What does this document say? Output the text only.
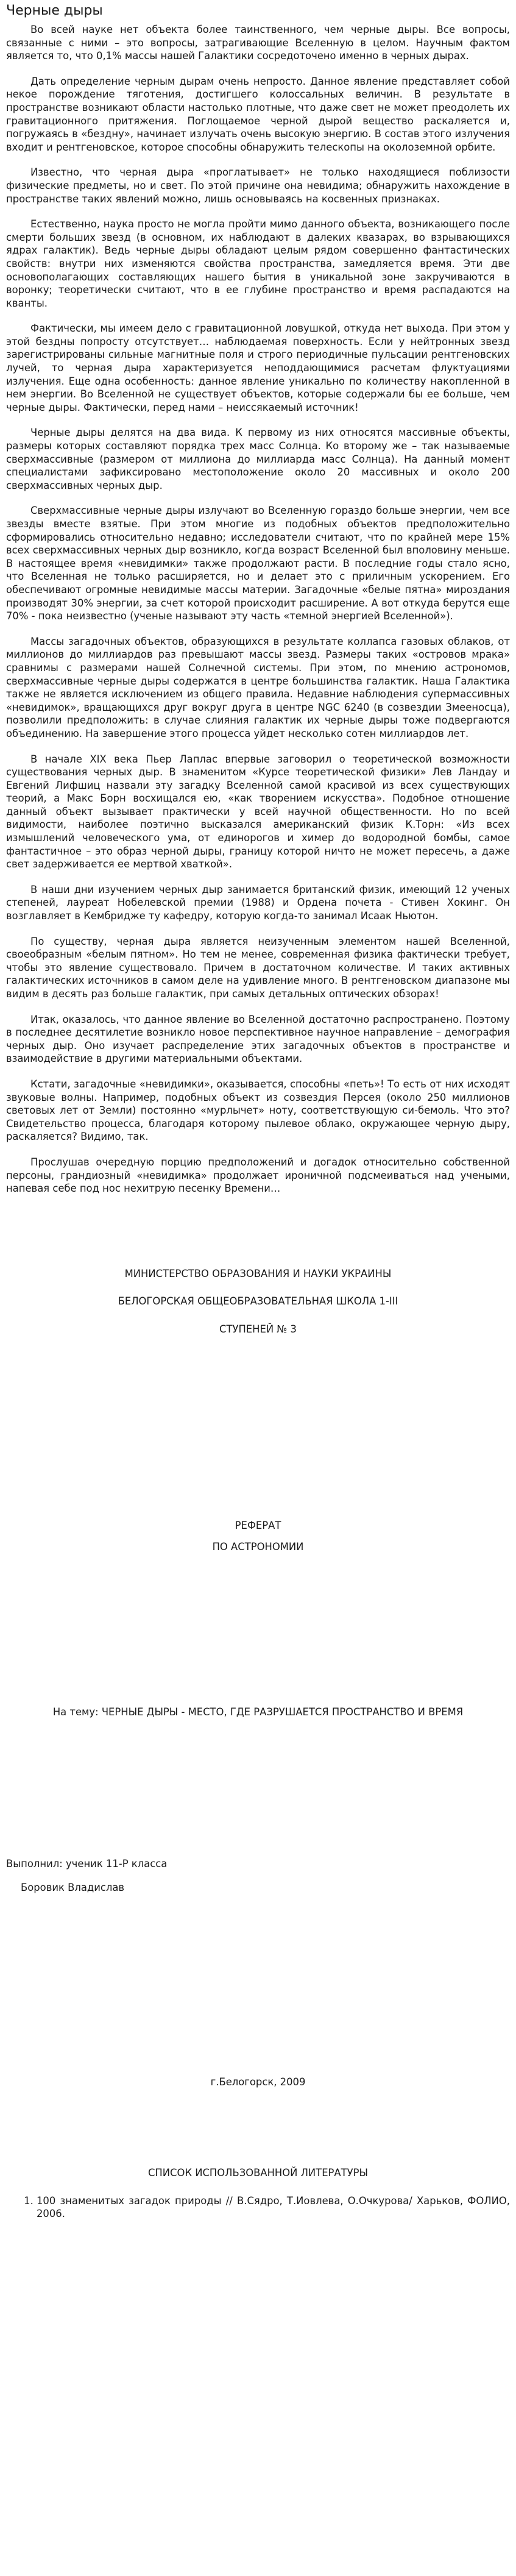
Черные дыры

Во всей науке нет объекта более таинственного, чем черные дыры. Все вопросы, связанные с ними – это вопросы, затрагивающие Вселенную в целом. Научным фактом является то, что 0,1% массы нашей Галактики сосредоточено именно в черных дырах.

Дать определение черным дырам очень непросто. Данное явление представляет собой некое порождение тяготения, достигшего колоссальных величин. В результате в пространстве возникают области настолько плотные, что даже свет не может преодолеть их гравитационного притяжения. Поглощаемое черной дырой вещество раскаляется и, погружаясь в «бездну», начинает излучать очень высокую энергию. В состав этого излучения входит и рентгеновское, которое способны обнаружить телескопы на околоземной орбите.

Известно, что черная дыра «проглатывает» не только находящиеся поблизости физические предметы, но и свет. По этой причине она невидима; обнаружить нахождение в пространстве таких явлений можно, лишь основываясь на косвенных признаках.

Естественно, наука просто не могла пройти мимо данного объекта, возникающего после смерти больших звезд (в основном, их наблюдают в далеких квазарах, во взрывающихся ядрах галактик). Ведь черные дыры обладают целым рядом совершенно фантастических свойств: внутри них изменяются свойства пространства, замедляется время. Эти две основополагающих составляющих нашего бытия в уникальной зоне закручиваются в воронку; теоретически считают, что в ее глубине пространство и время распадаются на кванты.

Фактически, мы имеем дело с гравитационной ловушкой, откуда нет выхода. При этом у этой бездны попросту отсутствует… наблюдаемая поверхность. Если у нейтронных звезд зарегистрированы сильные магнитные поля и строго периодичные пульсации рентгеновских лучей, то черная дыра характеризуется неподдающимися расчетам флуктуациями излучения. Еще одна особенность: данное явление уникально по количеству накопленной в нем энергии. Во Вселенной не существует объектов, которые содержали бы ее больше, чем черные дыры. Фактически, перед нами – неиссякаемый источник!

Черные дыры делятся на два вида. К первому из них относятся массивные объекты, размеры которых составляют порядка трех масс Солнца. Ко второму же – так называемые сверхмассивные (размером от миллиона до миллиарда масс Солнца). На данный момент специалистами зафиксировано местоположение около 20 массивных и около 200 сверхмассивных черных дыр.

Сверхмассивные черные дыры излучают во Вселенную гораздо больше энергии, чем все звезды вместе взятые. При этом многие из подобных объектов предположительно сформировались относительно недавно; исследователи считают, что по крайней мере 15% всех сверхмассивных черных дыр возникло, когда возраст Вселенной был вполовину меньше. В настоящее время «невидимки» также продолжают расти. В последние годы стало ясно, что Вселенная не только расширяется, но и делает это с приличным ускорением. Его обеспечивают огромные невидимые массы материи. Загадочные «белые пятна» мироздания производят 30% энергии, за счет которой происходит расширение. А вот откуда берутся еще 70% - пока неизвестно (ученые называют эту часть «темной энергией Вселенной»).

Массы загадочных объектов, образующихся в результате коллапса газовых облаков, от миллионов до миллиардов раз превышают массы звезд. Размеры таких «островов мрака» сравнимы с размерами нашей Солнечной системы. При этом, по мнению астрономов, сверхмассивные черные дыры содержатся в центре большинства галактик. Наша Галактика также не является исключением из общего правила. Недавние наблюдения супермассивных «невидимок», вращающихся друг вокруг друга в центре NGC 6240 (в созвездии Змееносца), позволили предположить: в случае слияния галактик их черные дыры тоже подвергаются объединению. На завершение этого процесса уйдет несколько сотен миллиардов лет.

В начале XIX века Пьер Лаплас впервые заговорил о теоретической возможности существования черных дыр. В знаменитом «Курсе теоретической физики» Лев Ландау и Евгений Лифшиц назвали эту загадку Вселенной самой красивой из всех существующих теорий, а Макс Борн восхищался ею, «как творением искусства». Подобное отношение данный объект вызывает практически у всей научной общественности. Но по всей видимости, наиболее поэтично высказался американский физик К.Торн: «Из всех измышлений человеческого ума, от единорогов и химер до водородной бомбы, самое фантастичное – это образ черной дыры, границу которой ничто не может пересечь, а даже свет задерживается ее мертвой хваткой».

В наши дни изучением черных дыр занимается британский физик, имеющий 12 ученых степеней, лауреат Нобелевской премии (1988) и Ордена почета - Стивен Хокинг. Он возглавляет в Кембридже ту кафедру, которую когда-то занимал Исаак Ньютон.

По существу, черная дыра является неизученным элементом нашей Вселенной, своеобразным «белым пятном». Но тем не менее, современная физика фактически требует, чтобы это явление существовало. Причем в достаточном количестве. И таких активных галактических источников в самом деле на удивление много. В рентгеновском диапазоне мы видим в десять раз больше галактик, при самых детальных оптических обзорах!

Итак, оказалось, что данное явление во Вселенной достаточно распространено. Поэтому в последнее десятилетие возникло новое перспективное научное направление – демография черных дыр. Оно изучает распределение этих загадочных объектов в пространстве и взаимодействие в другими материальными объектами.

Кстати, загадочные «невидимки», оказывается, способны «петь»! То есть от них исходят звуковые волны. Например, подобных объект из созвездия Персея (около 250 миллионов световых лет от Земли) постоянно «мурлычет» ноту, соответствующую си-бемоль. Что это? Свидетельство процесса, благодаря которому пылевое облако, окружающее черную дыру, раскаляется? Видимо, так.

Прослушав очередную порцию предположений и догадок относительно собственной персоны, грандиозный «невидимка» продолжает ироничной подсмеиваться над учеными, напевая себе под нос нехитрую песенку Времени…

МИНИСТЕРСТВО ОБРАЗОВАНИЯ И НАУКИ УКРАИНЫ
БЕЛОГОРСКАЯ ОБЩЕОБРАЗОВАТЕЛЬНАЯ ШКОЛА 1-III
СТУПЕНЕЙ № 3
РЕФЕРАТ
ПО АСТРОНОМИИ
На тему: ЧЕРНЫЕ ДЫРЫ - МЕСТО, ГДЕ РАЗРУШАЕТСЯ ПРОСТРАНСТВО И ВРЕМЯ
Выполнил: ученик 11-Р класса
Боровик Владислав
г.Белогорск, 2009
СПИСОК ИСПОЛЬЗОВАННОЙ ЛИТЕРАТУРЫ
1. 100 знаменитых загадок природы // В.Сядро, Т.Иовлева, О.Очкурова/ Харьков, ФОЛИО, 2006.
